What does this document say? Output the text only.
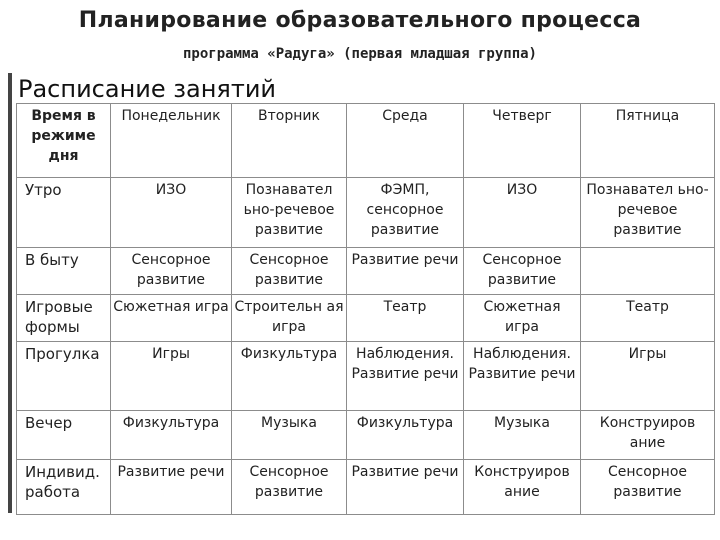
Планирование образовательного процесса
программа «Радуга» (первая младшая группа)
Расписание занятий
Время в режиме дня	Понедельник	Вторник	Среда	Четверг	Пятница
Утро	ИЗО	Познавател ьно-речевое развитие	ФЭМП, сенсорное развитие	ИЗО	Познавател ьно-речевое развитие
В быту	Сенсорное развитие	Сенсорное развитие	Развитие речи	Сенсорное развитие	
Игровые формы	Сюжетная игра	Строительн ая игра	Театр	Сюжетная игра	Театр
Прогулка	Игры	Физкультура	Наблюдения. Развитие речи	Наблюдения. Развитие речи	Игры
Вечер	Физкультура	Музыка	Физкультура	Музыка	Конструиров ание
Индивид. работа	Развитие речи	Сенсорное развитие	Развитие речи	Конструиров ание	Сенсорное развитие
